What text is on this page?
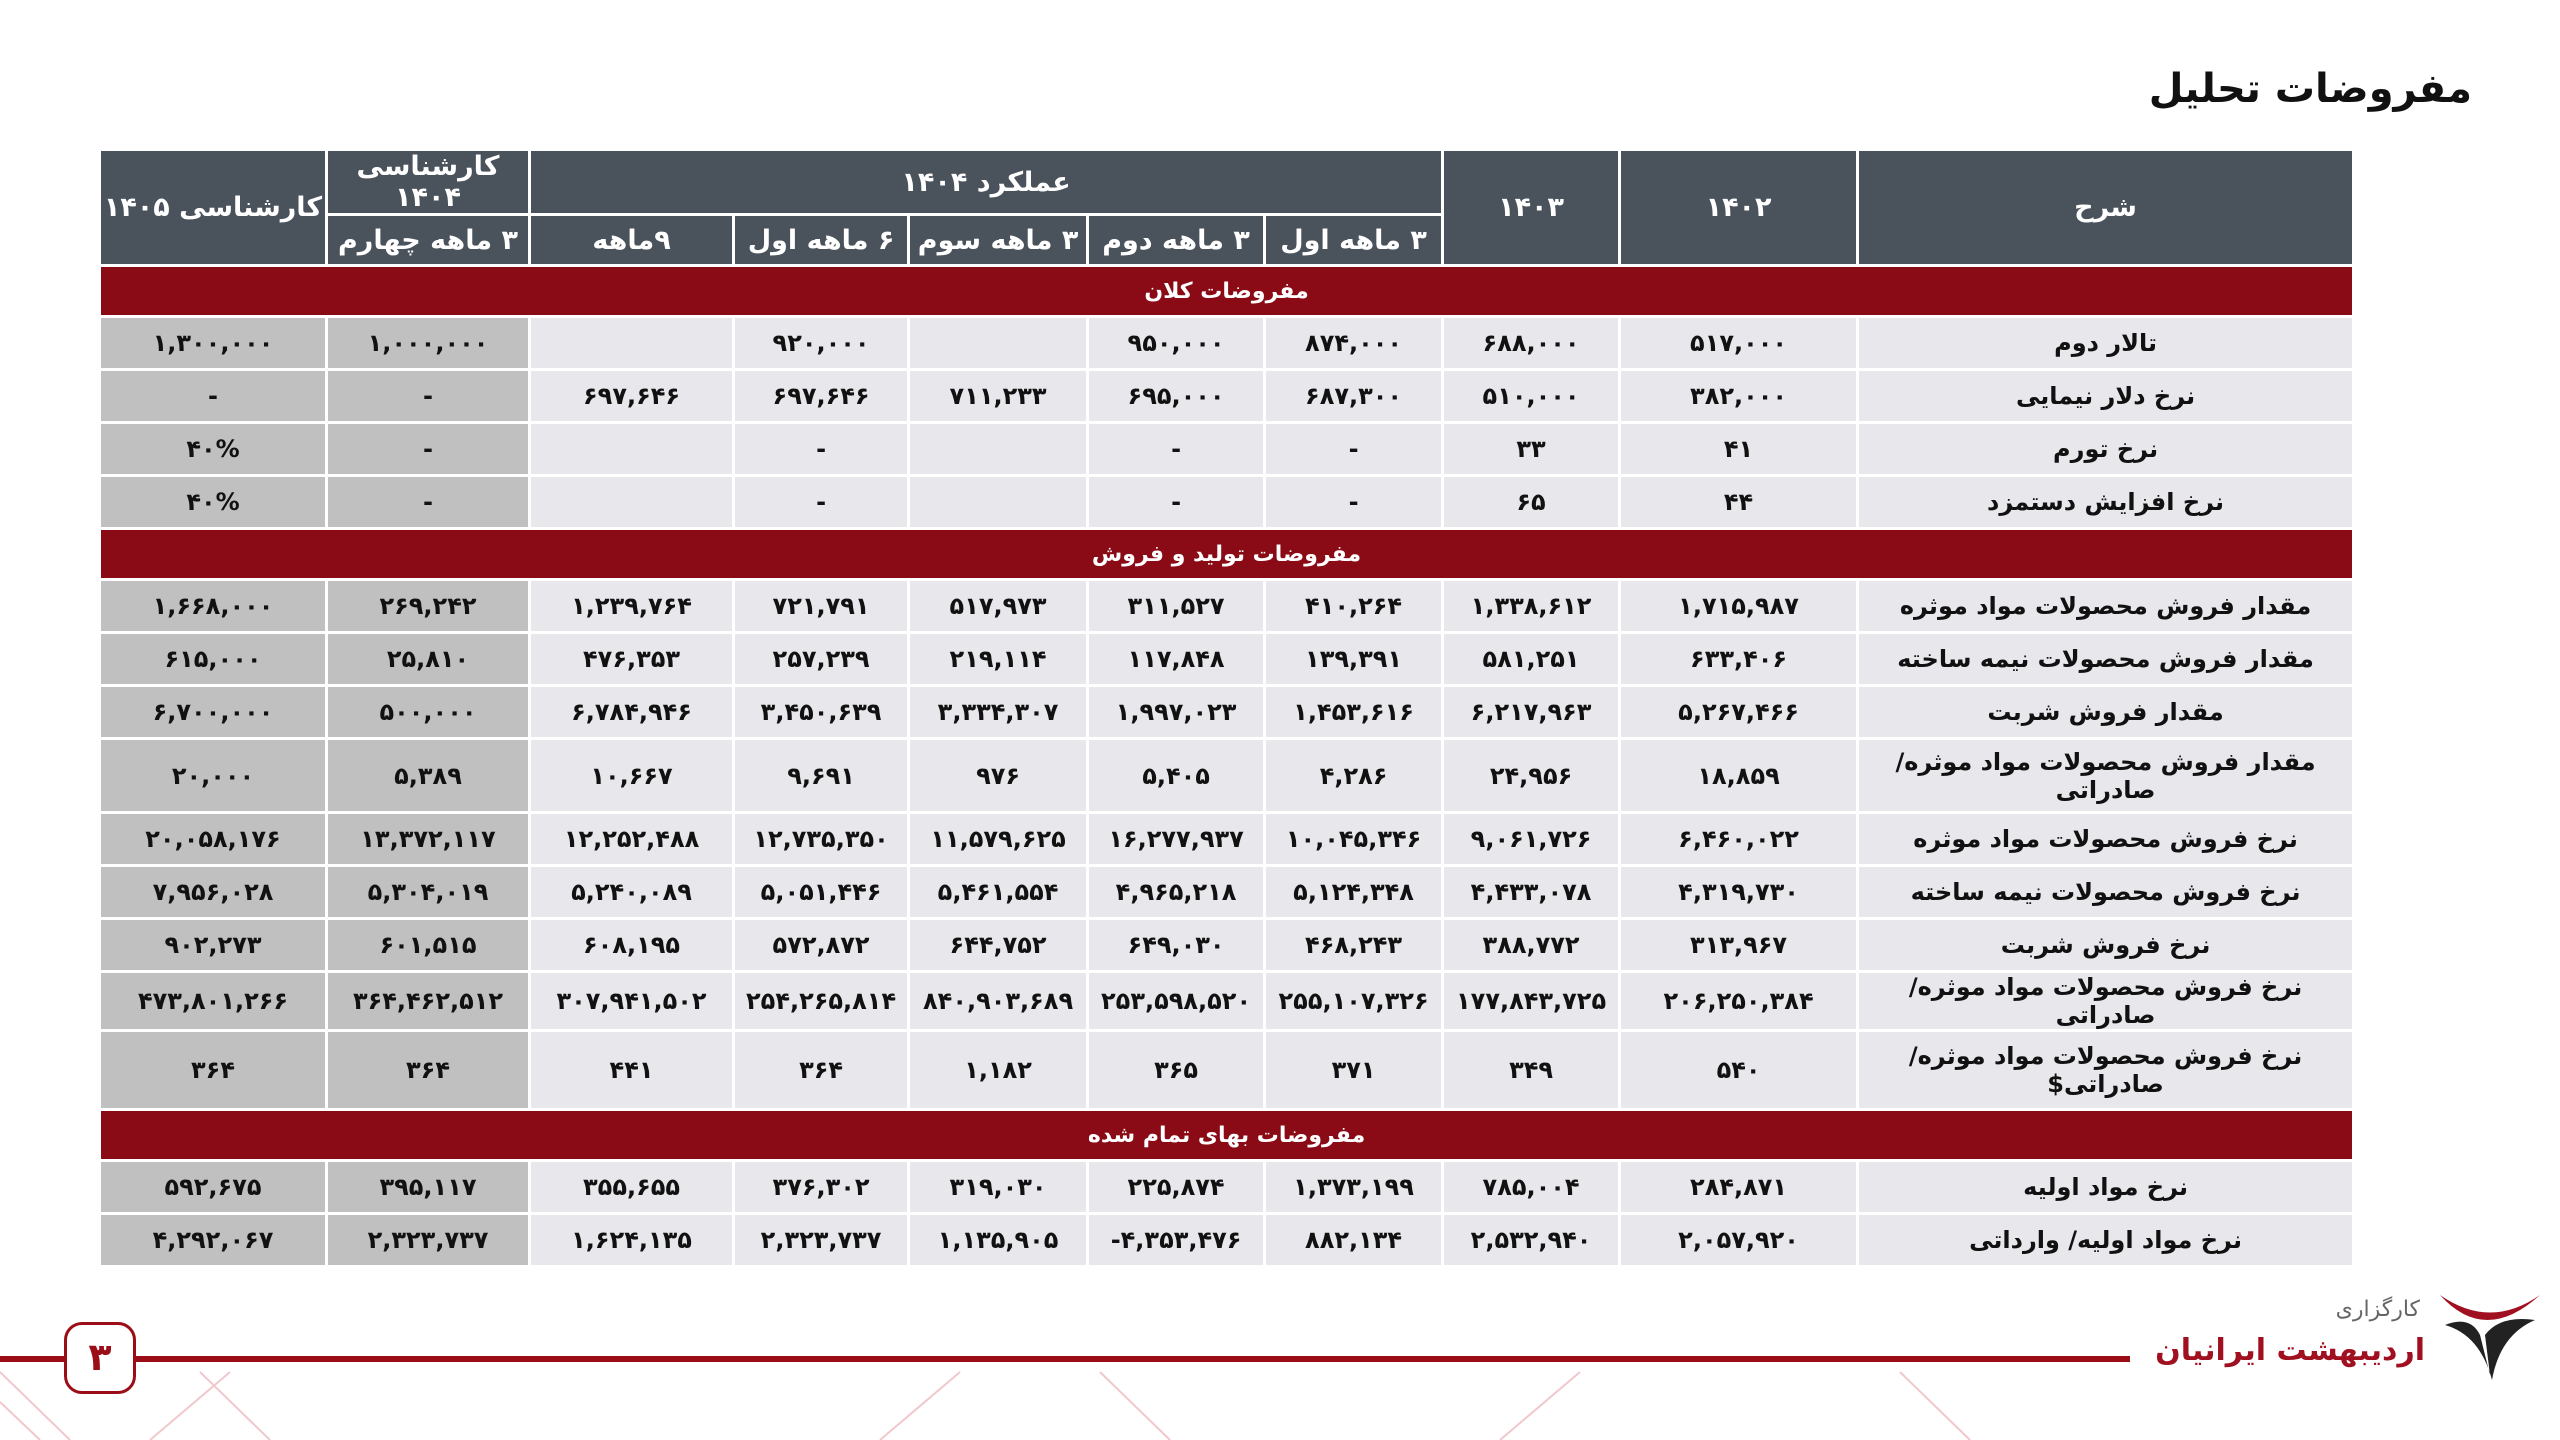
مفروضات تحلیل
شرح	۱۴۰۲	۱۴۰۳	عملکرد ۱۴۰۴					کارشناسی ۱۴۰۴	کارشناسی ۱۴۰۵
			۳ ماهه اول	۳ ماهه دوم	۳ ماهه سوم	۶ ماهه اول	۹ماهه	۳ ماهه چهارم	
مفروضات کلان									
تالار دوم	۵۱۷,۰۰۰	۶۸۸,۰۰۰	۸۷۴,۰۰۰	۹۵۰,۰۰۰		۹۲۰,۰۰۰		۱,۰۰۰,۰۰۰	۱,۳۰۰,۰۰۰
نرخ دلار نیمایی	۳۸۲,۰۰۰	۵۱۰,۰۰۰	۶۸۷,۳۰۰	۶۹۵,۰۰۰	۷۱۱,۲۳۳	۶۹۷,۶۴۶	۶۹۷,۶۴۶	-	-
نرخ تورم	۴۱	۳۳	-	-		-		-	۴۰%
نرخ افزایش دستمزد	۴۴	۶۵	-	-		-		-	۴۰%
مفروضات تولید و فروش									
مقدار فروش محصولات مواد موثره	۱,۷۱۵,۹۸۷	۱,۳۳۸,۶۱۲	۴۱۰,۲۶۴	۳۱۱,۵۲۷	۵۱۷,۹۷۳	۷۲۱,۷۹۱	۱,۲۳۹,۷۶۴	۲۶۹,۲۴۲	۱,۶۶۸,۰۰۰
مقدار فروش محصولات نیمه ساخته	۶۳۳,۴۰۶	۵۸۱,۲۵۱	۱۳۹,۳۹۱	۱۱۷,۸۴۸	۲۱۹,۱۱۴	۲۵۷,۲۳۹	۴۷۶,۳۵۳	۲۵,۸۱۰	۶۱۵,۰۰۰
مقدار فروش شربت	۵,۲۶۷,۴۶۶	۶,۲۱۷,۹۶۳	۱,۴۵۳,۶۱۶	۱,۹۹۷,۰۲۳	۳,۳۳۴,۳۰۷	۳,۴۵۰,۶۳۹	۶,۷۸۴,۹۴۶	۵۰۰,۰۰۰	۶,۷۰۰,۰۰۰
مقدار فروش محصولات مواد موثره/صادراتی	۱۸,۸۵۹	۲۴,۹۵۶	۴,۲۸۶	۵,۴۰۵	۹۷۶	۹,۶۹۱	۱۰,۶۶۷	۵,۳۸۹	۲۰,۰۰۰
نرخ فروش محصولات مواد موثره	۶,۴۶۰,۰۲۲	۹,۰۶۱,۷۲۶	۱۰,۰۴۵,۳۴۶	۱۶,۲۷۷,۹۳۷	۱۱,۵۷۹,۶۲۵	۱۲,۷۳۵,۳۵۰	۱۲,۲۵۲,۴۸۸	۱۳,۳۷۲,۱۱۷	۲۰,۰۵۸,۱۷۶
نرخ فروش محصولات نیمه ساخته	۴,۳۱۹,۷۳۰	۴,۴۳۳,۰۷۸	۵,۱۲۴,۳۴۸	۴,۹۶۵,۲۱۸	۵,۴۶۱,۵۵۴	۵,۰۵۱,۴۴۶	۵,۲۴۰,۰۸۹	۵,۳۰۴,۰۱۹	۷,۹۵۶,۰۲۸
نرخ فروش شربت	۳۱۳,۹۶۷	۳۸۸,۷۷۲	۴۶۸,۲۴۳	۶۴۹,۰۳۰	۶۴۴,۷۵۲	۵۷۲,۸۷۲	۶۰۸,۱۹۵	۶۰۱,۵۱۵	۹۰۲,۲۷۳
نرخ فروش محصولات مواد موثره/صادراتی	۲۰۶,۲۵۰,۳۸۴	۱۷۷,۸۴۳,۷۲۵	۲۵۵,۱۰۷,۳۲۶	۲۵۳,۵۹۸,۵۲۰	۸۴۰,۹۰۳,۶۸۹	۲۵۴,۲۶۵,۸۱۴	۳۰۷,۹۴۱,۵۰۲	۳۶۴,۴۶۲,۵۱۲	۴۷۳,۸۰۱,۲۶۶
نرخ فروش محصولات مواد موثره/صادراتی$	۵۴۰	۳۴۹	۳۷۱	۳۶۵	۱,۱۸۲	۳۶۴	۴۴۱	۳۶۴	۳۶۴
مفروضات بهای تمام شده									
نرخ مواد اولیه	۲۸۴,۸۷۱	۷۸۵,۰۰۴	۱,۳۷۳,۱۹۹	۲۲۵,۸۷۴	۳۱۹,۰۳۰	۳۷۶,۳۰۲	۳۵۵,۶۵۵	۳۹۵,۱۱۷	۵۹۲,۶۷۵
نرخ مواد اولیه/ وارداتی	۲,۰۵۷,۹۲۰	۲,۵۳۲,۹۴۰	۸۸۲,۱۳۴	-۴,۳۵۳,۴۷۶	۱,۱۳۵,۹۰۵	۲,۳۲۳,۷۳۷	۱,۶۲۴,۱۳۵	۲,۳۲۳,۷۳۷	۴,۲۹۲,۰۶۷
۳
کارگزاری
اردیبهشت ایرانیان
